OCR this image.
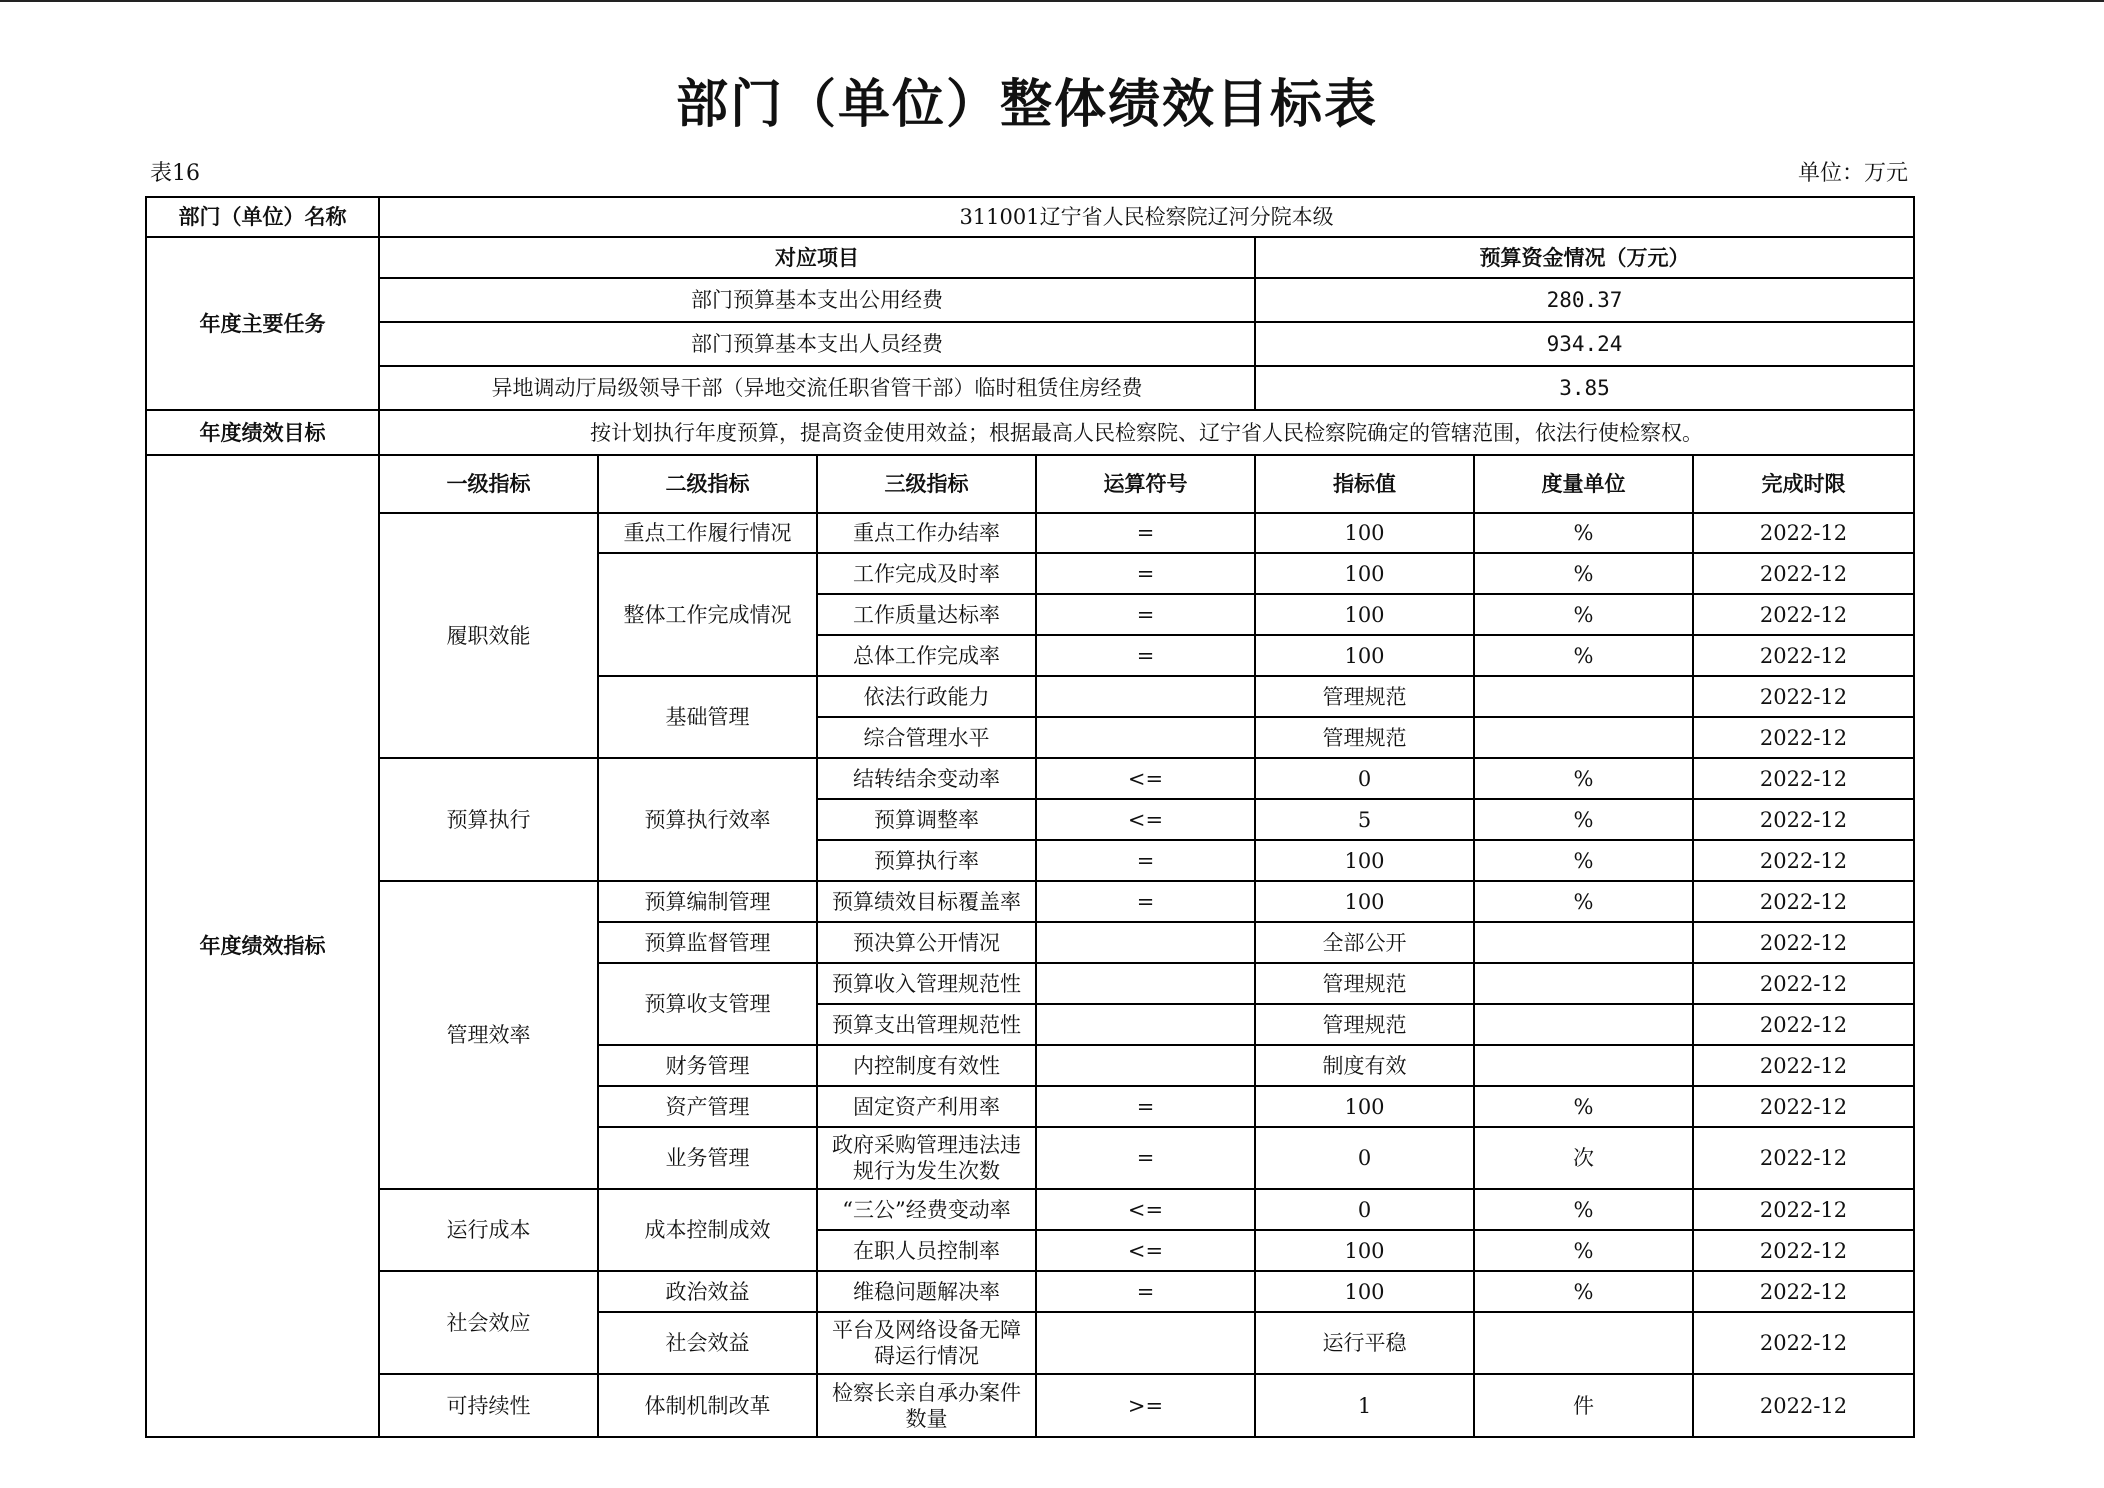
部门（单位）整体绩效目标表
表16	单位：万元
部门（单位）名称	311001辽宁省人民检察院辽河分院本级						
年度主要任务	对应项目				预算资金情况（万元）		
	部门预算基本支出公用经费				280.37		
	部门预算基本支出人员经费				934.24		
	异地调动厅局级领导干部（异地交流任职省管干部）临时租赁住房经费				3.85		
年度绩效目标	按计划执行年度预算，提高资金使用效益；根据最高人民检察院、辽宁省人民检察院确定的管辖范围，依法行使检察权。						
年度绩效指标	一级指标	二级指标	三级指标	运算符号	指标值	度量单位	完成时限
	履职效能	重点工作履行情况	重点工作办结率	=	100	%	2022-12
		整体工作完成情况	工作完成及时率	=	100	%	2022-12
			工作质量达标率	=	100	%	2022-12
			总体工作完成率	=	100	%	2022-12
		基础管理	依法行政能力		管理规范		2022-12
			综合管理水平		管理规范		2022-12
	预算执行	预算执行效率	结转结余变动率	<=	0	%	2022-12
			预算调整率	<=	5	%	2022-12
			预算执行率	=	100	%	2022-12
	管理效率	预算编制管理	预算绩效目标覆盖率	=	100	%	2022-12
		预算监督管理	预决算公开情况		全部公开		2022-12
		预算收支管理	预算收入管理规范性		管理规范		2022-12
			预算支出管理规范性		管理规范		2022-12
		财务管理	内控制度有效性		制度有效		2022-12
		资产管理	固定资产利用率	=	100	%	2022-12
		业务管理	政府采购管理违法违规行为发生次数	=	0	次	2022-12
	运行成本	成本控制成效	“三公”经费变动率	<=	0	%	2022-12
			在职人员控制率	<=	100	%	2022-12
	社会效应	政治效益	维稳问题解决率	=	100	%	2022-12
		社会效益	平台及网络设备无障碍运行情况		运行平稳		2022-12
	可持续性	体制机制改革	检察长亲自承办案件数量	>=	1	件	2022-12
